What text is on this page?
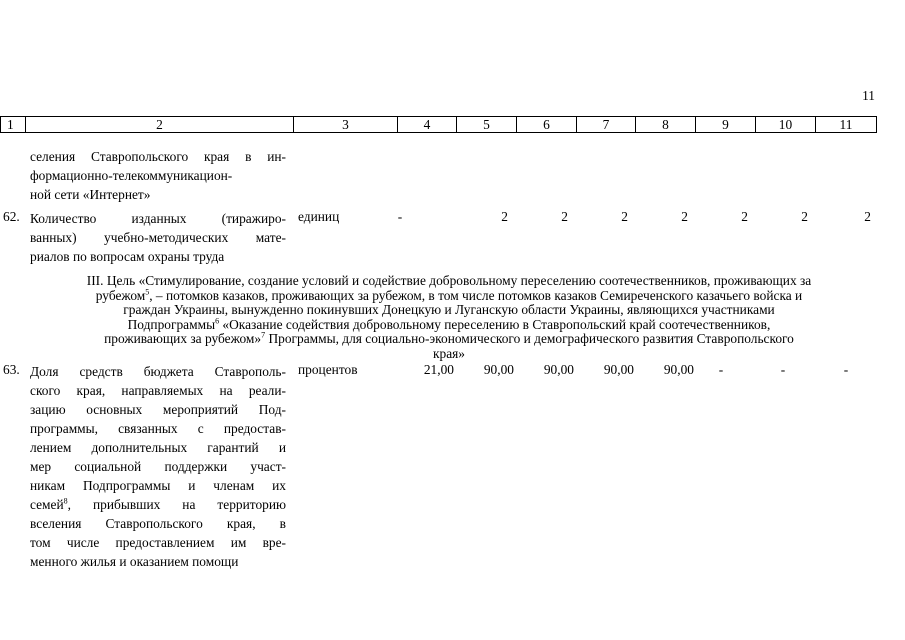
11
1	2	3	4	5	6	7	8	9	10	11

селения Ставропольского края в ин-
формационно-телекоммуникацион-
ной сети «Интернет»

62. Количество изданных (тиражиро-
ванных) учебно-методических мате-
риалов по вопросам охраны труда

единиц	-	2	2	2	2	2	2	2
III. Цель «Стимулирование, создание условий и содействие добровольному переселению соотечественников, проживающих за
рубежом$^5$, – потомков казаков, проживающих за рубежом, в том числе потомков казаков Семиреченского казачьего войска и
граждан Украины, вынужденно покинувших Донецкую и Луганскую области Украины, являющихся участниками
Подпрограммы$^6$ «Оказание содействия добровольному переселению в Ставропольский край соотечественников,
проживающих за рубежом»$^7$ Программы, для социально-экономического и демографического развития Ставропольского
края»
63. Доля средств бюджета Ставрополь-
ского края, направляемых на реали-
зацию основных мероприятий Под-
программы, связанных с предостав-
лением дополнительных гарантий и
мер социальной поддержки участ-
никам Подпрограммы и членам их
семей$^8$, прибывших на территорию
вселения Ставропольского края, в
том числе предоставлением им вре-
менного жилья и оказанием помощи

процентов	21,00	90,00	90,00	90,00	90,00	-	-	-
